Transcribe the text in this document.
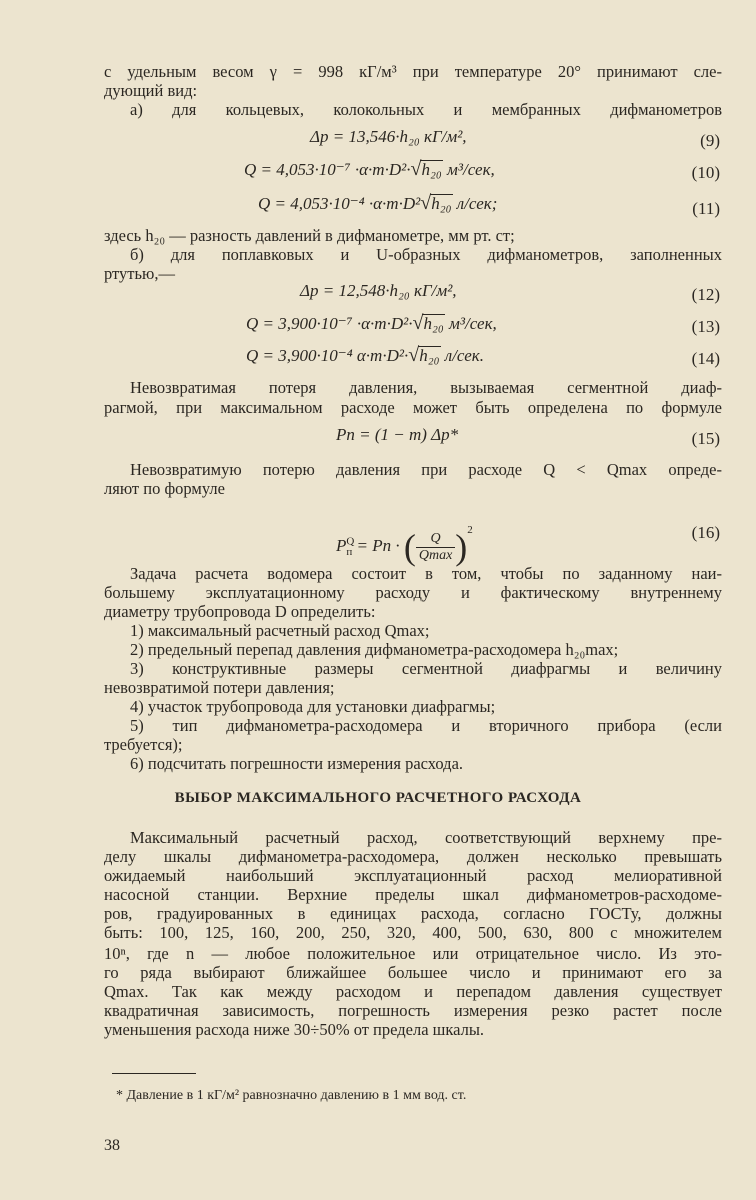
с удельным весом γ = 998 кГ/м³ при температуре 20° принимают сле-
дующий вид:
а) для кольцевых, колокольных и мембранных дифманометров
Δp = 13,546·h₂₀ кГ/м²,	(9)
Q = 4,053·10⁻⁷ ·α·m·D²·√h₂₀ м³/сек,	(10)
Q = 4,053·10⁻⁴ ·α·m·D²√h₂₀ л/сек;	(11)
здесь h₂₀ — разность давлений в дифманометре, мм рт. ст;
б) для поплавковых и U-образных дифманометров, заполненных
ртутью,—
Δp = 12,548·h₂₀ кГ/м²,	(12)
Q = 3,900·10⁻⁷ ·α·m·D²·√h₂₀ м³/сек,	(13)
Q = 3,900·10⁻⁴ α·m·D²·√h₂₀ л/сек.	(14)
Невозвратимая потеря давления, вызываемая сегментной диаф-
рагмой, при максимальном расходе может быть определена по формуле
Pп = (1 − m) Δp*	(15)
Невозвратимую потерю давления при расходе Q < Qmax опреде-
ляют по формуле
$P^Q_п$ = Pп · ( $\frac{Q}{Qmax} )^2$	(16)
Задача расчета водомера состоит в том, чтобы по заданному наи-
большему эксплуатационному расходу и фактическому внутреннему
диаметру трубопровода D определить:
1) максимальный расчетный расход Qmax;
2) предельный перепад давления дифманометра-расходомера h₂₀max;
3) конструктивные размеры сегментной диафрагмы и величину
невозвратимой потери давления;
4) участок трубопровода для установки диафрагмы;
5) тип дифманометра-расходомера и вторичного прибора (если
требуется);
6) подсчитать погрешности измерения расхода.
ВЫБОР МАКСИМАЛЬНОГО РАСЧЕТНОГО РАСХОДА
Максимальный расчетный расход, соответствующий верхнему пре-
делу шкалы дифманометра-расходомера, должен несколько превышать
ожидаемый наибольший эксплуатационный расход мелиоративной
насосной станции. Верхние пределы шкал дифманометров-расходоме-
ров, градуированных в единицах расхода, согласно ГОСТу, должны
быть: 100, 125, 160, 200, 250, 320, 400, 500, 630, 800 с множителем
10ⁿ, где n — любое положительное или отрицательное число. Из это-
го ряда выбирают ближайшее большее число и принимают его за
Qmax. Так как между расходом и перепадом давления существует
квадратичная зависимость, погрешность измерения резко растет после
уменьшения расхода ниже 30÷50% от предела шкалы.
* Давление в 1 кГ/м² равнозначно давлению в 1 мм вод. ст.
38
